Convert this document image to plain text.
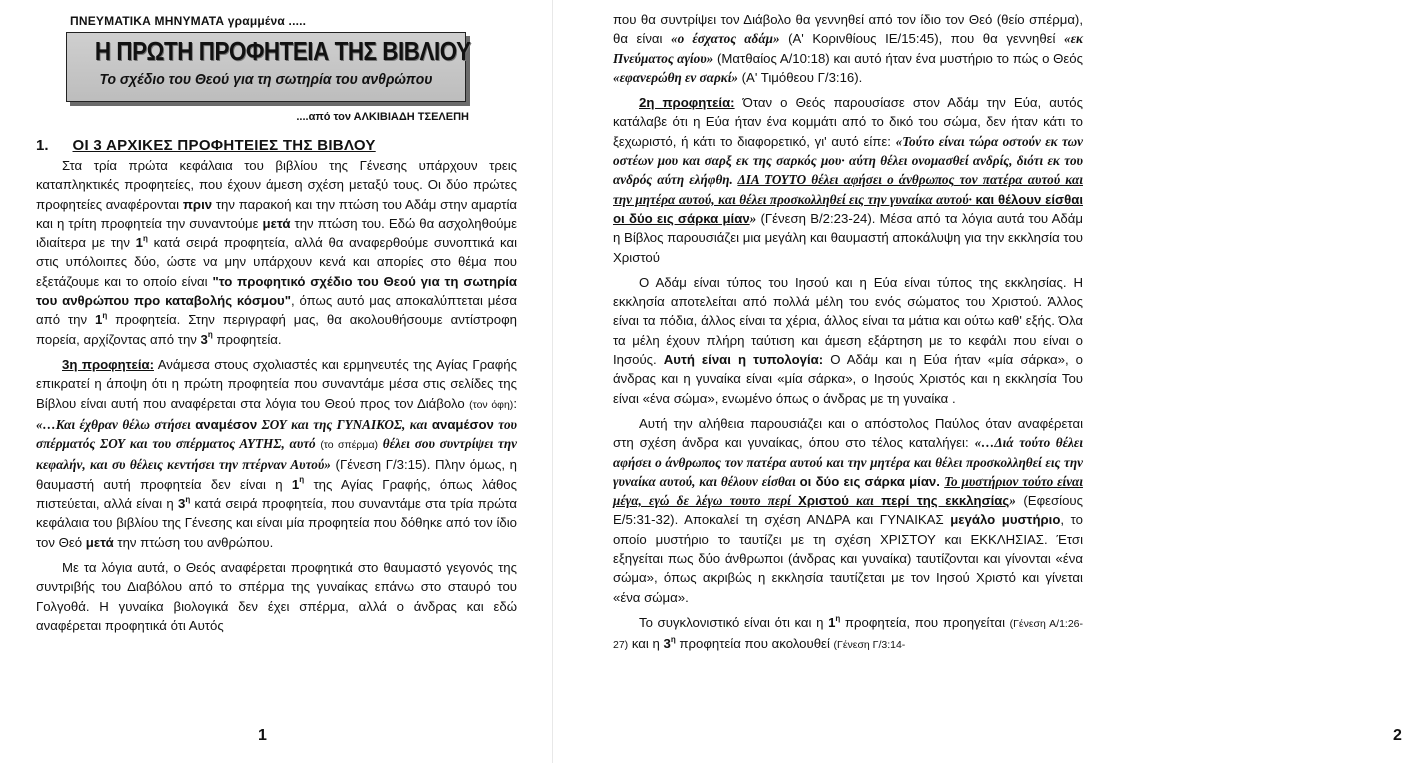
ΠΝΕΥΜΑΤΙΚΑ ΜΗΝΥΜΑΤΑ γραμμένα .....
Η ΠΡΩΤΗ ΠΡΟΦΗΤΕΙΑ ΤΗΣ ΒΙΒΛΙΟΥ
Το σχέδιο του Θεού για τη σωτηρία του ανθρώπου
....από τον ΑΛΚΙΒΙΑΔΗ ΤΣΕΛΕΠΗ
1. ΟΙ 3 ΑΡΧΙΚΕΣ ΠΡΟΦΗΤΕΙΕΣ ΤΗΣ ΒΙΒΛΟΥ

Στα τρία πρώτα κεφάλαια του βιβλίου της Γένεσης υπάρχουν τρεις καταπληκτικές προφητείες, που έχουν άμεση σχέση μεταξύ τους. Οι δύο πρώτες προφητείες αναφέρονται πριν την παρακοή και την πτώση του Αδάμ στην αμαρτία και η τρίτη προφητεία την συναντούμε μετά την πτώση του. Εδώ θα ασχοληθούμε ιδιαίτερα με την $1^\eta$ κατά σειρά προφητεία, αλλά θα αναφερθούμε συνοπτικά και στις υπόλοιπες δύο, ώστε να μην υπάρχουν κενά και απορίες στο θέμα που εξετάζουμε και το οποίο είναι "το προφητικό σχέδιο του Θεού για τη σωτηρία του ανθρώπου προ καταβολής κόσμου", όπως αυτό μας αποκαλύπτεται μέσα από την $1^\eta$ προφητεία. Στην περιγραφή μας, θα ακολουθήσουμε αντίστροφη πορεία, αρχίζοντας από την $3^\eta$ προφητεία.

3η προφητεία: Ανάμεσα στους σχολιαστές και ερμηνευτές της Αγίας Γραφής επικρατεί η άποψη ότι η πρώτη προφητεία που συναντάμε μέσα στις σελίδες της Βίβλου είναι αυτή που αναφέρεται στα λόγια του Θεού προς τον Διάβολο (τον όφη): «…Και έχθραν θέλω στήσει αναμέσον ΣΟΥ και της ΓΥΝΑΙΚΟΣ, και αναμέσον του σπέρματός ΣΟΥ και του σπέρματος ΑΥΤΗΣ, αυτό (το σπέρμα) θέλει σου συντρίψει την κεφαλήν, και συ θέλεις κεντήσει την πτέρναν Αυτού» (Γένεση Γ/3:15). Πλην όμως, η θαυμαστή αυτή προφητεία δεν είναι η $1^\eta$ της Αγίας Γραφής, όπως λάθος πιστεύεται, αλλά είναι η $3^\eta$ κατά σειρά προφητεία, που συναντάμε στα τρία πρώτα κεφάλαια του βιβλίου της Γένεσης και είναι μία προφητεία που δόθηκε από τον ίδιο τον Θεό μετά την πτώση του ανθρώπου.

Με τα λόγια αυτά, ο Θεός αναφέρεται προφητικά στο θαυμαστό γεγονός της συντριβής του Διαβόλου από το σπέρμα της γυναίκας επάνω στο σταυρό του Γολγοθά. Η γυναίκα βιολογικά δεν έχει σπέρμα, αλλά ο άνδρας και εδώ αναφέρεται προφητικά ότι Αυτός

1

που θα συντρίψει τον Διάβολο θα γεννηθεί από τον ίδιο τον Θεό (θείο σπέρμα), θα είναι «ο έσχατος αδάμ» (Α' Κορινθίους ΙΕ/15:45), που θα γεννηθεί «εκ Πνεύματος αγίου» (Ματθαίος Α/10:18) και αυτό ήταν ένα μυστήριο το πώς ο Θεός «εφανερώθη εν σαρκί» (Α' Τιμόθεου Γ/3:16).

2η προφητεία: Όταν ο Θεός παρουσίασε στον Αδάμ την Εύα, αυτός κατάλαβε ότι η Εύα ήταν ένα κομμάτι από το δικό του σώμα, δεν ήταν κάτι το ξεχωριστό, ή κάτι το διαφορετικό, γι' αυτό είπε: «Τούτο είναι τώρα οστούν εκ των οστέων μου και σαρξ εκ της σαρκός μου· αύτη θέλει ονομασθεί ανδρίς, διότι εκ του ανδρός αύτη ελήφθη. ΔΙΑ ΤΟΥΤΟ θέλει αφήσει ο άνθρωπος τον πατέρα αυτού και την μητέρα αυτού, και θέλει προσκολληθεί εις την γυναίκα αυτού· και θέλουν είσθαι οι δύο εις σάρκα μίαν» (Γένεση Β/2:23-24). Μέσα από τα λόγια αυτά του Αδάμ η Βίβλος παρουσιάζει μια μεγάλη και θαυμαστή αποκάλυψη για την εκκλησία του Χριστού

Ο Αδάμ είναι τύπος του Ιησού και η Εύα είναι τύπος της εκκλησίας. Η εκκλησία αποτελείται από πολλά μέλη του ενός σώματος του Χριστού. Άλλος είναι τα πόδια, άλλος είναι τα χέρια, άλλος είναι τα μάτια και ούτω καθ' εξής. Όλα τα μέλη έχουν πλήρη ταύτιση και άμεση εξάρτηση με το κεφάλι που είναι ο Ιησούς. Αυτή είναι η τυπολογία: Ο Αδάμ και η Εύα ήταν «μία σάρκα», ο άνδρας και η γυναίκα είναι «μία σάρκα», ο Ιησούς Χριστός και η εκκλησία Του είναι «ένα σώμα», ενωμένο όπως ο άνδρας με τη γυναίκα .

Αυτή την αλήθεια παρουσιάζει και ο απόστολος Παύλος όταν αναφέρεται στη σχέση άνδρα και γυναίκας, όπου στο τέλος καταλήγει: «…Διά τούτο θέλει αφήσει ο άνθρωπος τον πατέρα αυτού και την μητέρα και θέλει προσκολληθεί εις την γυναίκα αυτού, και θέλουν είσθαι οι δύο εις σάρκα μίαν. Το μυστήριον τούτο είναι μέγα, εγώ δε λέγω τουτο περί Χριστού και περί της εκκλησίας» (Εφεσίους Ε/5:31-32). Αποκαλεί τη σχέση ΑΝΔΡΑ και ΓΥΝΑΙΚΑΣ μεγάλο μυστήριο, το οποίο μυστήριο το ταυτίζει με τη σχέση ΧΡΙΣΤΟΥ και ΕΚΚΛΗΣΙΑΣ. Έτσι εξηγείται πως δύο άνθρωποι (άνδρας και γυναίκα) ταυτίζονται και γίνονται «ένα σώμα», όπως ακριβώς η εκκλησία ταυτίζεται με τον Ιησού Χριστό και γίνεται «ένα σώμα».

Το συγκλονιστικό είναι ότι και η $1^\eta$ προφητεία, που προηγείται (Γένεση Α/1:26-27) και η $3^\eta$ προφητεία που ακολουθεί (Γένεση Γ/3:14-

2
